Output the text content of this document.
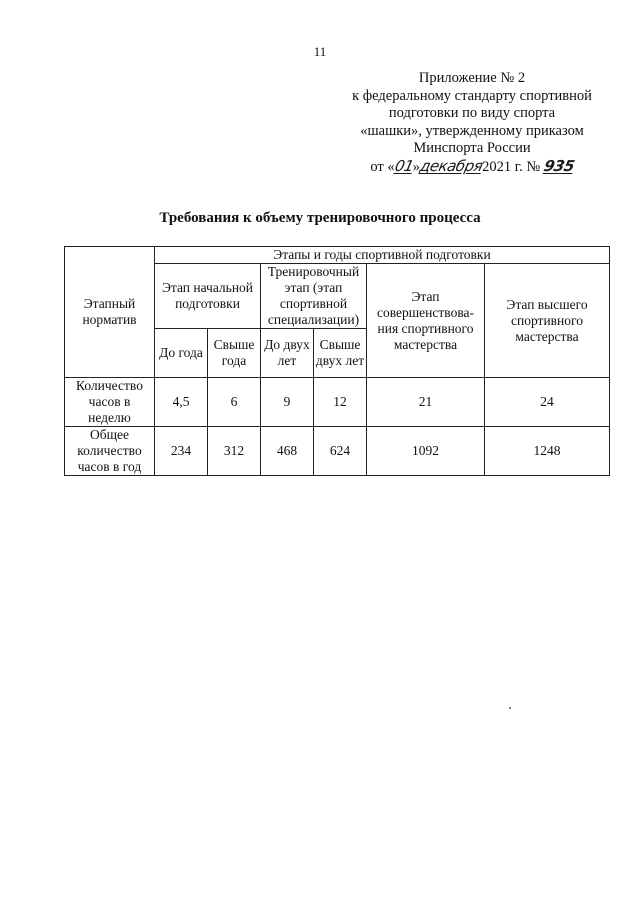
11
Приложение № 2
к федеральному стандарту спортивной
подготовки по виду спорта
«шашки», утвержденному приказом
Минспорта России
от «01»декабря2021 г. № 935
Требования к объему тренировочного процесса
Этапный норматив	Этапы и годы спортивной подготовки					
	Этап начальной подготовки		Тренировочный этап (этап спортивной специализации)		Этап совершенствова-ния спортивного мастерства	Этап высшего спортивного мастерства
	До года	Свыше года	До двух лет	Свыше двух лет		
Количество часов в неделю	4,5	6	9	12	21	24
Общее количество часов в год	234	312	468	624	1092	1248
